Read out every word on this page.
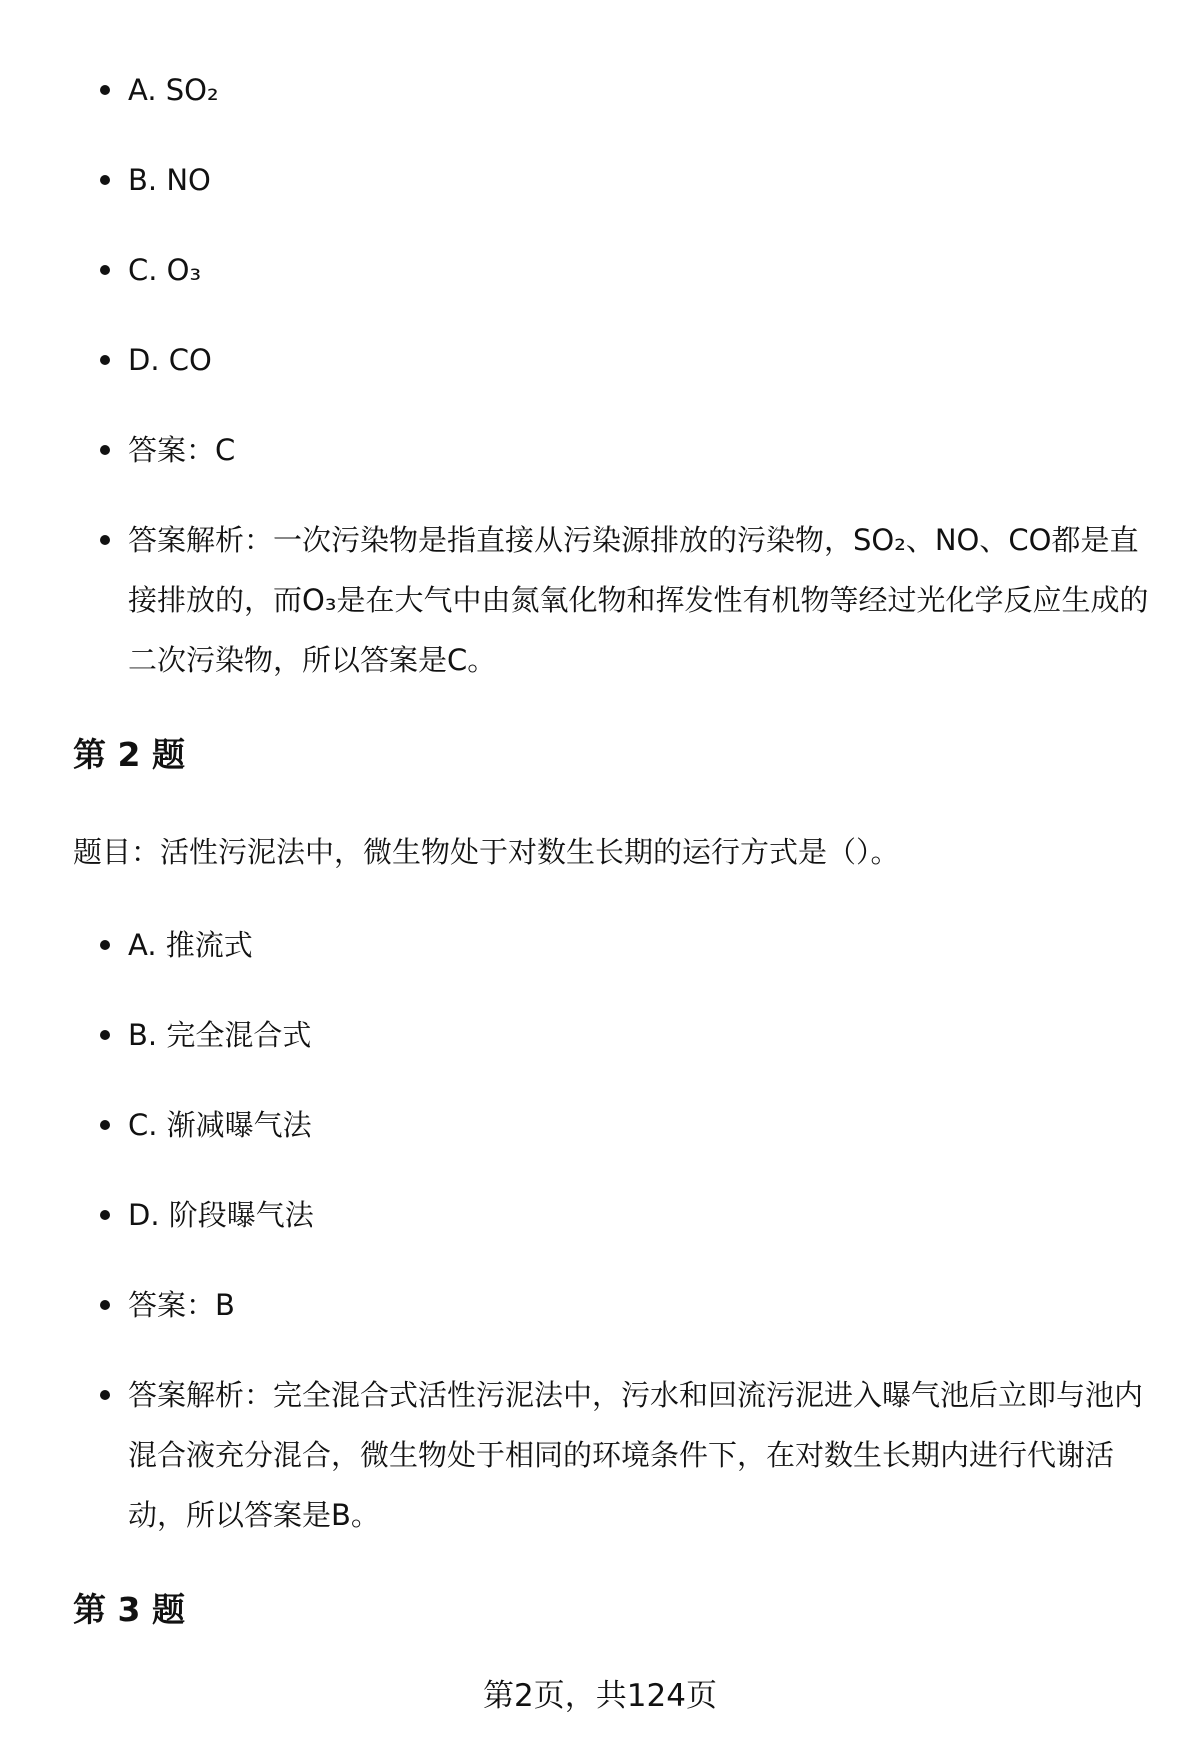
A. SO₂
B. NO
C. O₃
D. CO
答案：C
答案解析：一次污染物是指直接从污染源排放的污染物，SO₂、NO、CO都是直接排放的，而O₃是在大气中由氮氧化物和挥发性有机物等经过光化学反应生成的二次污染物，所以答案是C。
第 2 题
题目：活性污泥法中，微生物处于对数生长期的运行方式是（）。
A. 推流式
B. 完全混合式
C. 渐减曝气法
D. 阶段曝气法
答案：B
答案解析：完全混合式活性污泥法中，污水和回流污泥进入曝气池后立即与池内混合液充分混合，微生物处于相同的环境条件下，在对数生长期内进行代谢活动，所以答案是B。
第 3 题
第2页，共124页
